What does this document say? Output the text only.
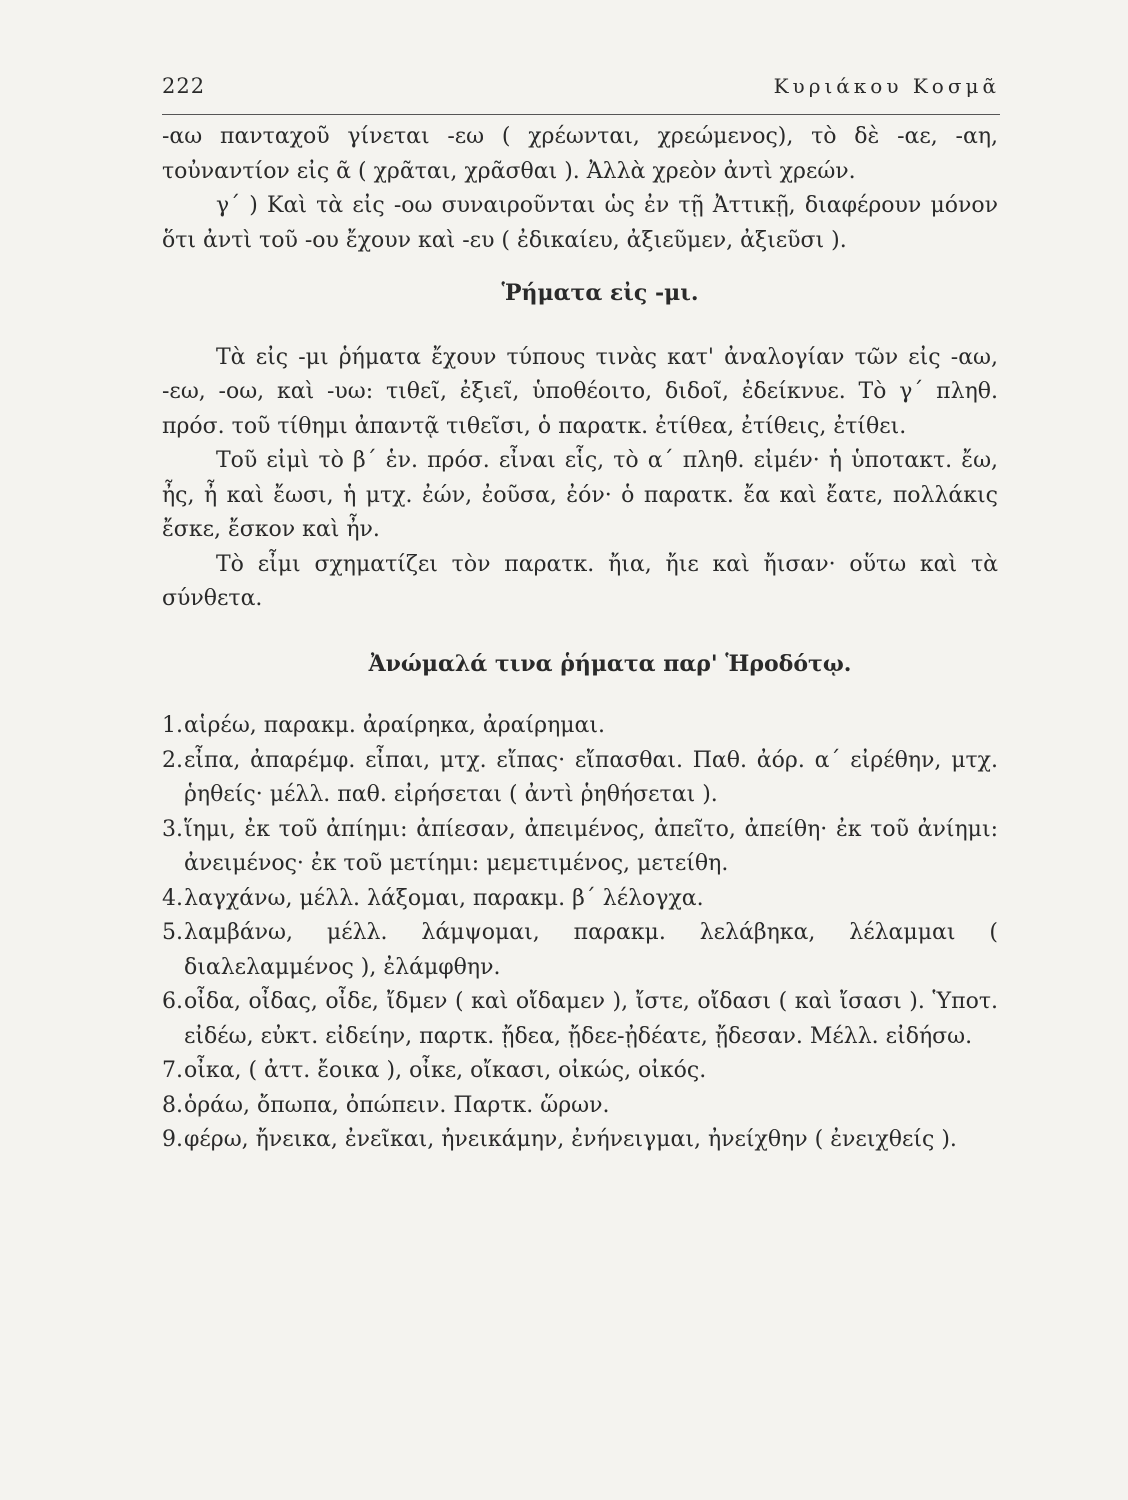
222	Κυριάκου Κοσμᾶ

-αω πανταχοῦ γίνεται -εω ( χρέωνται, χρεώμενος), τὸ δὲ -αε, -αη, τοὐναντίον εἰς ᾶ ( χρᾶται, χρᾶσθαι ). Ἀλλὰ χρεὸν ἀντὶ χρεών.

γ΄ ) Καὶ τὰ εἰς -οω συναιροῦνται ὡς ἐν τῇ Ἀττικῇ, διαφέρουν μόνον ὅτι ἀντὶ τοῦ -ου ἔχουν καὶ -ευ ( ἐδικαίευ, ἀξιεῦμεν, ἀξιεῦσι ).

Ῥήματα εἰς -μι.

Τὰ εἰς -μι ῥήματα ἔχουν τύπους τινὰς κατ' ἀναλογίαν τῶν εἰς -αω, -εω, -οω, καὶ -υω: τιθεῖ, ἐξιεῖ, ὑποθέοιτο, διδοῖ, ἐδείκνυε. Τὸ γ΄ πληθ. πρόσ. τοῦ τίθημι ἀπαντᾷ τιθεῖσι, ὁ παρατκ. ἐτίθεα, ἐτίθεις, ἐτίθει.

Τοῦ εἰμὶ τὸ β΄ ἑν. πρόσ. εἶναι εἷς, τὸ α΄ πληθ. εἰμέν· ἡ ὑποτακτ. ἔω, ἦς, ἦ καὶ ἔωσι, ἡ μτχ. ἐών, ἐοῦσα, ἐόν· ὁ παρατκ. ἔα καὶ ἔατε, πολλάκις ἔσκε, ἔσκον καὶ ἦν.

Τὸ εἶμι σχηματίζει τὸν παρατκ. ἤια, ἤιε καὶ ἤισαν· οὕτω καὶ τὰ σύνθετα.

Ἀνώμαλά τινα ῥήματα παρ' Ἡροδότῳ.
1. αἱρέω, παρακμ. ἀραίρηκα, ἀραίρημαι.
2. εἶπα, ἀπαρέμφ. εἶπαι, μτχ. εἴπας· εἴπασθαι. Παθ. ἀόρ. α΄ εἰρέθην, μτχ. ῥηθείς· μέλλ. παθ. εἰρήσεται ( ἀντὶ ῥηθήσεται ).
3. ἵημι, ἐκ τοῦ ἀπίημι: ἀπίεσαν, ἀπειμένος, ἀπεῖτο, ἀπείθη· ἐκ τοῦ ἀνίημι: ἀνειμένος· ἐκ τοῦ μετίημι: μεμετιμένος, μετείθη.
4. λαγχάνω, μέλλ. λάξομαι, παρακμ. β΄ λέλογχα.
5. λαμβάνω, μέλλ. λάμψομαι, παρακμ. λελάβηκα, λέλαμμαι ( διαλελαμμένος ), ἐλάμφθην.
6. οἶδα, οἶδας, οἶδε, ἴδμεν ( καὶ οἴδαμεν ), ἴστε, οἴδασι ( καὶ ἴσασι ). Ὑποτ. εἰδέω, εὐκτ. εἰδείην, παρτκ. ᾔδεα, ᾔδεε-ᾐδέατε, ᾔδεσαν. Μέλλ. εἰδήσω.
7. οἶκα, ( ἀττ. ἔοικα ), οἶκε, οἴκασι, οἰκώς, οἰκός.
8. ὁράω, ὄπωπα, ὀπώπειν. Παρτκ. ὥρων.
9. φέρω, ἤνεικα, ἐνεῖκαι, ἠνεικάμην, ἐνήνειγμαι, ἠνείχθην ( ἐνειχθείς ).
